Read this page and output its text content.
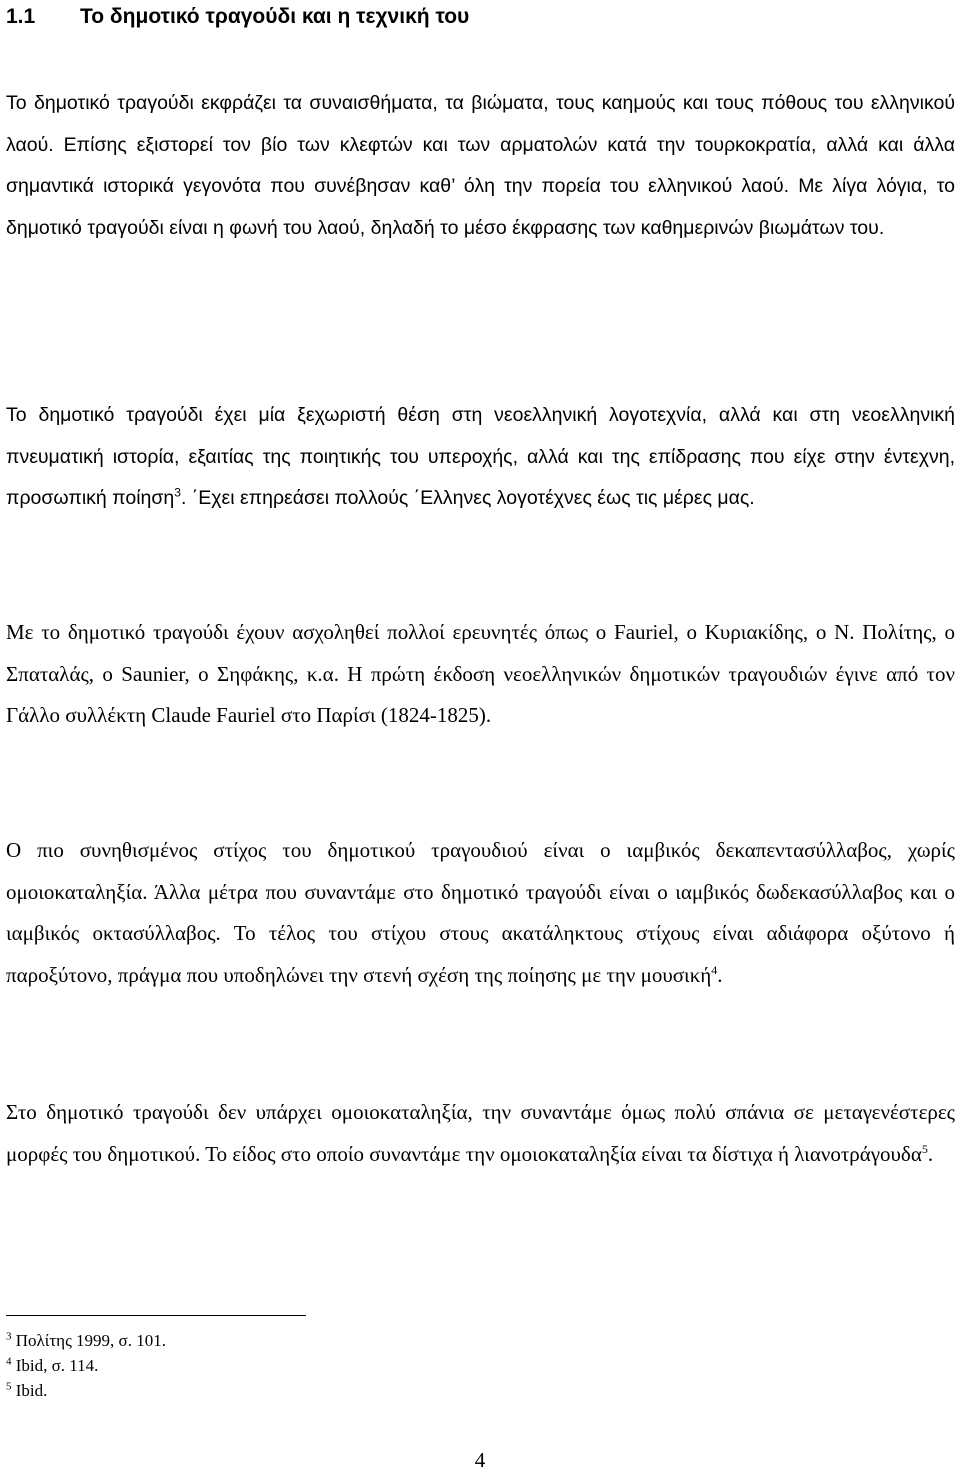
1.1 Το δημοτικό τραγούδι και η τεχνική του

Το δημοτικό τραγούδι εκφράζει τα συναισθήματα, τα βιώματα, τους καημούς και τους πόθους του ελληνικού λαού. Επίσης εξιστορεί τον βίο των κλεφτών και των αρματολών κατά την τουρκοκρατία, αλλά και άλλα σημαντικά ιστορικά γεγονότα που συνέβησαν καθ’ όλη την πορεία του ελληνικού λαού. Με λίγα λόγια, το δημοτικό τραγούδι είναι η φωνή του λαού, δηλαδή το μέσο έκφρασης των καθημερινών βιωμάτων του.

Το δημοτικό τραγούδι έχει μία ξεχωριστή θέση στη νεοελληνική λογοτεχνία, αλλά και στη νεοελληνική πνευματική ιστορία, εξαιτίας της ποιητικής του υπεροχής, αλλά και της επίδρασης που είχε στην έντεχνη, προσωπική ποίηση$^3$. ΄Εχει επηρεάσει πολλούς ΄Ελληνες λογοτέχνες έως τις μέρες μας.

Με το δημοτικό τραγούδι έχουν ασχοληθεί πολλοί ερευνητές όπως ο Fauriel, ο Κυριακίδης, ο Ν. Πολίτης, ο Σπαταλάς, ο Saunier, ο Σηφάκης, κ.α. Η πρώτη έκδοση νεοελληνικών δημοτικών τραγουδιών έγινε από τον Γάλλο συλλέκτη Claude Fauriel στο Παρίσι (1824-1825).

Ο πιο συνηθισμένος στίχος του δημοτικού τραγουδιού είναι ο ιαμβικός δεκαπεντασύλλαβος, χωρίς ομοιοκαταληξία. Άλλα μέτρα που συναντάμε στο δημοτικό τραγούδι είναι ο ιαμβικός δωδεκασύλλαβος και ο ιαμβικός οκτασύλλαβος. Το τέλος του στίχου στους ακατάληκτους στίχους είναι αδιάφορα οξύτονο ή παροξύτονο, πράγμα που υποδηλώνει την στενή σχέση της ποίησης με την μουσική$^4$.

Στο δημοτικό τραγούδι δεν υπάρχει ομοιοκαταληξία, την συναντάμε όμως πολύ σπάνια σε μεταγενέστερες μορφές του δημοτικού. Το είδος στο οποίο συναντάμε την ομοιοκαταληξία είναι τα δίστιχα ή λιανοτράγουδα$^5$.

$^3$ Πολίτης 1999, σ. 101.
$^4$ Ibid, σ. 114.
$^5$ Ibid.
4
